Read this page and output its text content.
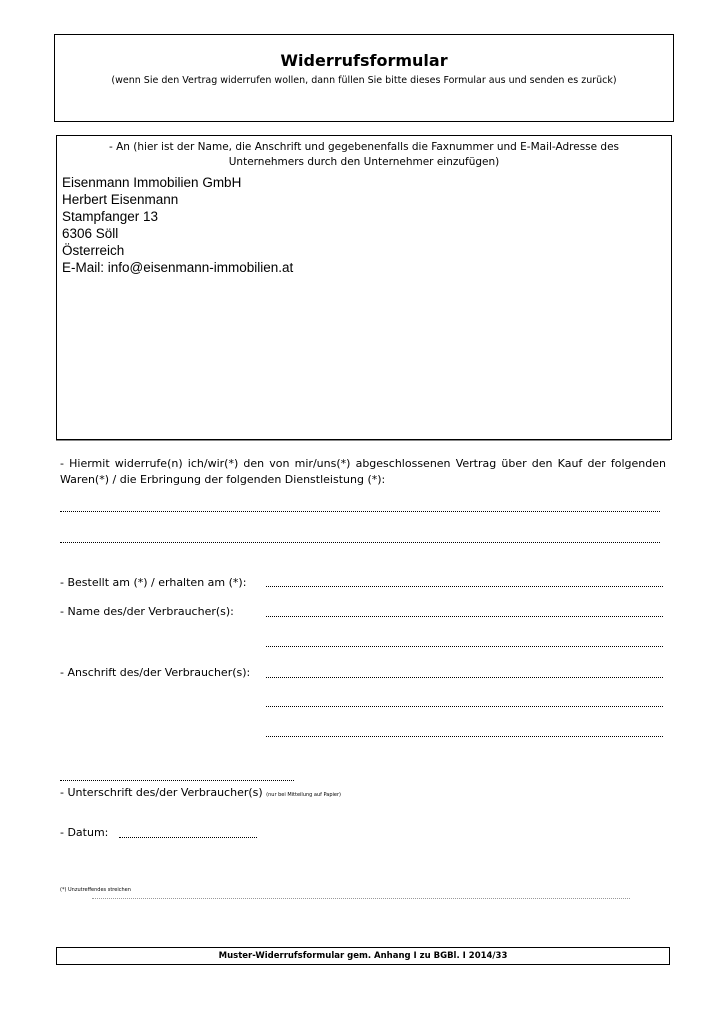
Widerrufsformular
(wenn Sie den Vertrag widerrufen wollen, dann füllen Sie bitte dieses Formular aus und senden es zurück)
- An (hier ist der Name, die Anschrift und gegebenenfalls die Faxnummer und E-Mail-Adresse des Unternehmers durch den Unternehmer einzufügen)
Eisenmann Immobilien GmbH
Herbert Eisenmann
Stampfanger 13
6306 Söll
Österreich
E-Mail: info@eisenmann-immobilien.at
- Hiermit widerrufe(n) ich/wir(*) den von mir/uns(*) abgeschlossenen Vertrag über den Kauf der folgenden Waren(*) / die Erbringung der folgenden Dienstleistung (*):
- Bestellt am (*) / erhalten am (*):
- Name des/der Verbraucher(s):
- Anschrift des/der Verbraucher(s):
- Unterschrift des/der Verbraucher(s) (nur bei Mitteilung auf Papier)
- Datum:
(*) Unzutreffendes streichen
Muster-Widerrufsformular gem. Anhang I zu BGBl. I 2014/33
